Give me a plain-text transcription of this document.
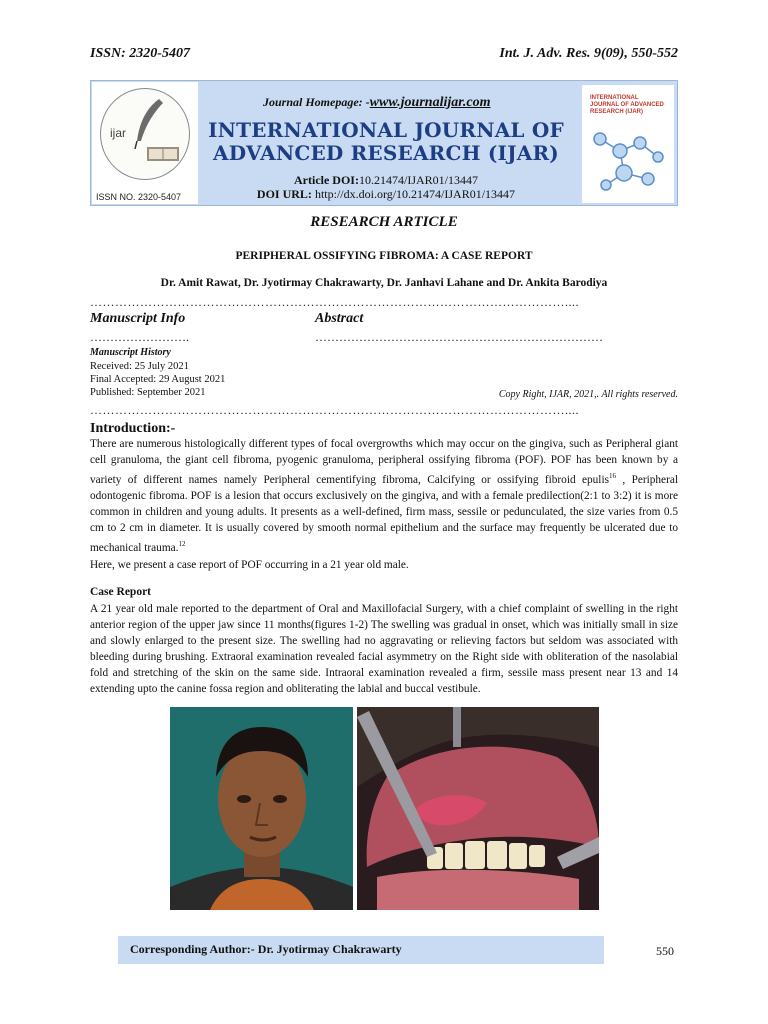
ISSN: 2320-5407	Int. J. Adv. Res. 9(09), 550-552
ijar
ISSN NO. 2320-5407
Journal Homepage: -www.journalijar.com
INTERNATIONAL JOURNAL OF
ADVANCED RESEARCH (IJAR)
Article DOI:10.21474/IJAR01/13447
DOI URL: http://dx.doi.org/10.21474/IJAR01/13447
INTERNATIONAL JOURNAL OF ADVANCED RESEARCH (IJAR)
RESEARCH ARTICLE
PERIPHERAL OSSIFYING FIBROMA: A CASE REPORT
Dr. Amit Rawat, Dr. Jyotirmay Chakrawarty, Dr. Janhavi Lahane and Dr. Ankita Barodiya
……………………………………………………………………………………………………....
Manuscript Info	Abstract
…………………….	………………………………………………………………
Manuscript History
Received: 25 July 2021
Final Accepted: 29 August 2021
Published: September 2021	Copy Right, IJAR, 2021,. All rights reserved.
……………………………………………………………………………………………………....
Introduction:-

There are numerous histologically different types of focal overgrowths which may occur on the gingiva, such as Peripheral giant cell granuloma, the giant cell fibroma, pyogenic granuloma, peripheral ossifying fibroma (POF). POF has been known by a variety of different names namely Peripheral cementifying fibroma, Calcifying or ossifying fibroid epulis$^{16}$ , Peripheral odontogenic fibroma. POF is a lesion that occurs exclusively on the gingiva, and with a female predilection(2:1 to 3:2) it is more common in children and young adults. It presents as a well-defined, firm mass, sessile or pedunculated, the size varies from 0.5 cm to 2 cm in diameter. It is usually covered by smooth normal epithelium and the surface may frequently be ulcerated due to mechanical trauma.$^{12}$

Here, we present a case report of POF occurring in a 21 year old male.
Case Report
A 21 year old male reported to the department of Oral and Maxillofacial Surgery, with a chief complaint of swelling in the right anterior region of the upper jaw since 11 months(figures 1-2) The swelling was gradual in onset, which was initially small in size and slowly enlarged to the present size. The swelling had no aggravating or relieving factors but seldom was associated with bleeding during brushing. Extraoral examination revealed facial asymmetry on the Right side with obliteration of the nasolabial fold and stretching of the skin on the same side. Intraoral examination revealed a firm, sessile mass present near 13 and 14 extending upto the canine fossa region and obliterating the labial and buccal vestibule.
Corresponding Author:- Dr. Jyotirmay Chakrawarty	550
